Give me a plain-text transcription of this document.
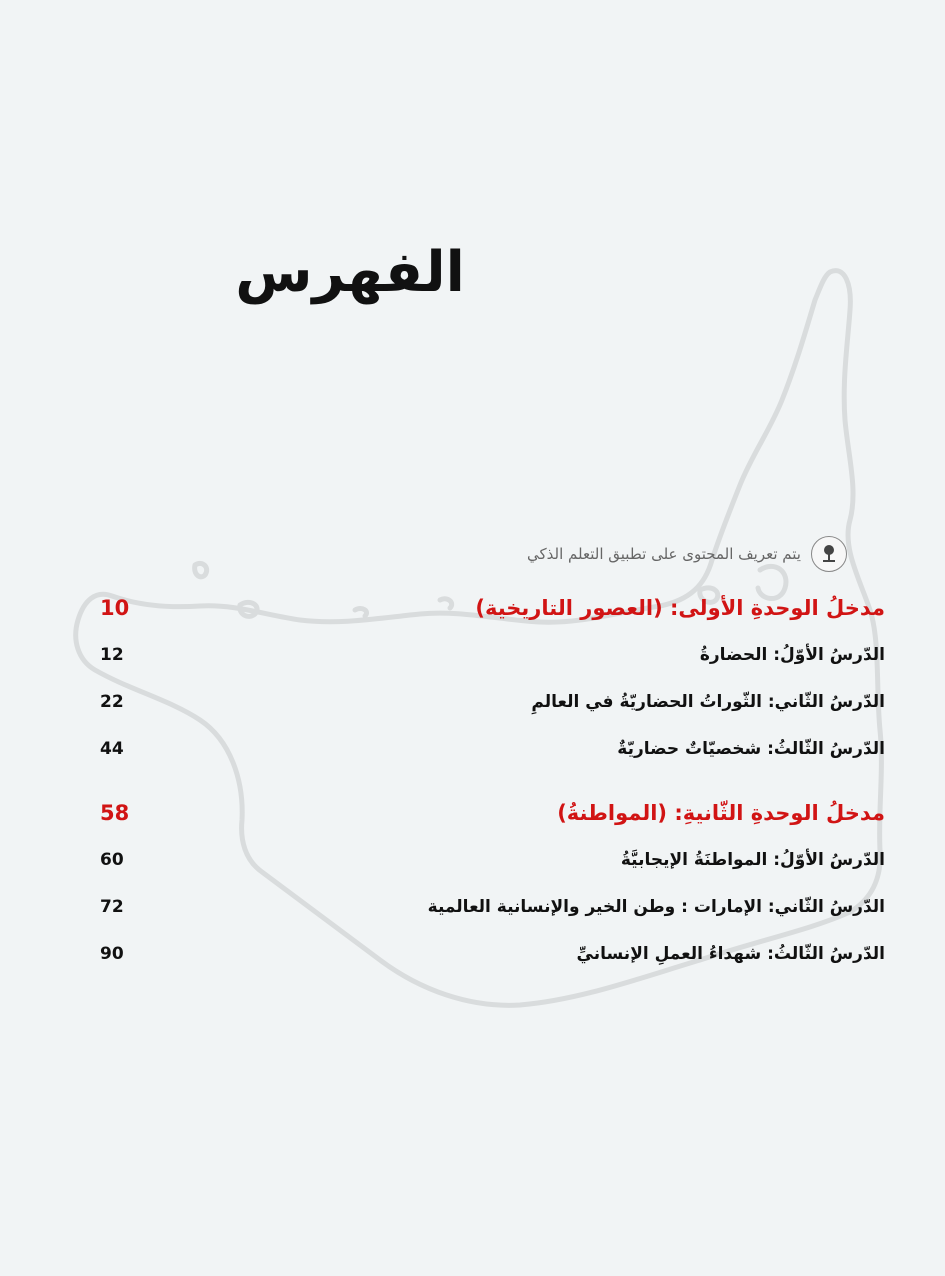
الفهرس
يتم تعريف المحتوى على تطبيق التعلم الذكي
مدخلُ الوحدةِ الأولى: (العصور التاريخية)
10
الدّرسُ الأوّلُ: الحضارةُ
12
الدّرسُ الثّاني: الثّوراتُ الحضاريّةُ في العالمِ
22
الدّرسُ الثّالثُ: شخصيّاتٌ حضاريّةٌ
44
مدخلُ الوحدةِ الثّانيةِ: (المواطنةُ)
58
الدّرسُ الأوّلُ: المواطنَةُ الإيجابيَّةُ
60
الدّرسُ الثّاني: الإمارات : وطن الخير والإنسانية العالمية
72
الدّرسُ الثّالثُ: شهداءُ العملِ الإنسانيِّ
90
